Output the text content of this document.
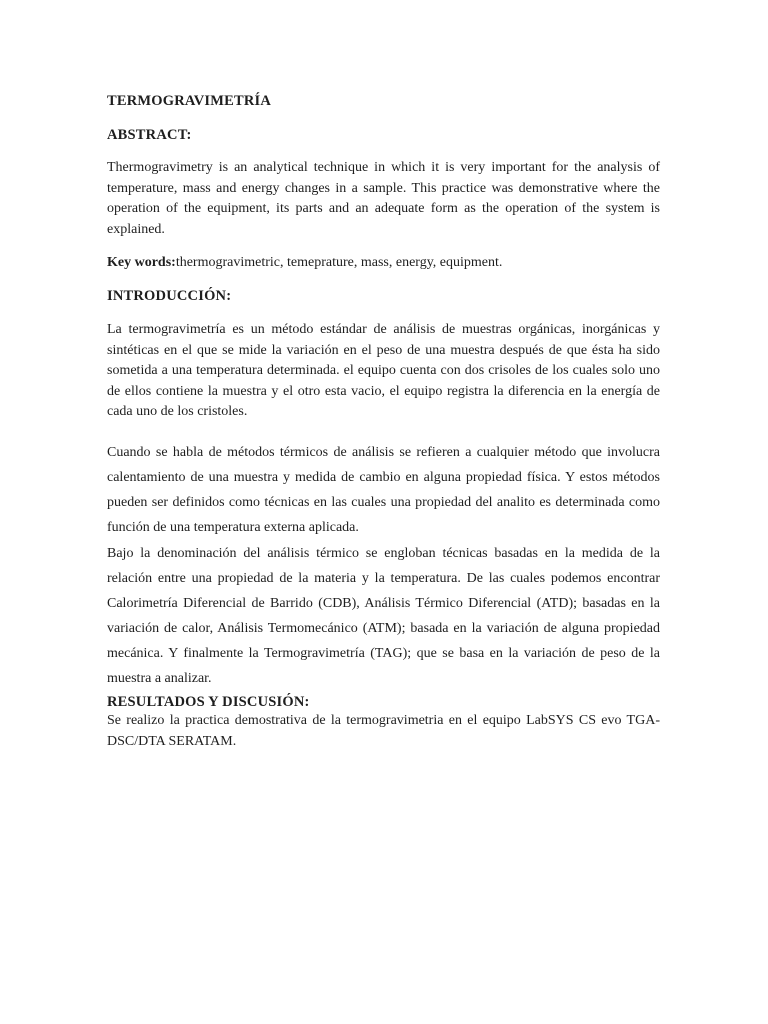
TERMOGRAVIMETRÍA

ABSTRACT:

Thermogravimetry is an analytical technique in which it is very important for the analysis of temperature, mass and energy changes in a sample. This practice was demonstrative where the operation of the equipment, its parts and an adequate form as the operation of the system is explained.

Key words:thermogravimetric, temeprature, mass, energy, equipment.

INTRODUCCIÓN:

La termogravimetría es un método estándar de análisis de muestras orgánicas, inorgánicas y sintéticas en el que se mide la variación en el peso de una muestra después de que ésta ha sido sometida a una temperatura determinada. el equipo cuenta con dos crisoles de los cuales solo uno de ellos contiene la muestra y el otro esta vacio, el equipo registra la diferencia en la energía de cada uno de los cristoles.

Cuando se habla de métodos térmicos de análisis se refieren a cualquier método que involucra calentamiento de una muestra y medida de cambio en alguna propiedad física. Y estos métodos pueden ser definidos como técnicas en las cuales una propiedad del analito es determinada como función de una temperatura externa aplicada.

Bajo la denominación del análisis térmico se engloban técnicas basadas en la medida de la relación entre una propiedad de la materia y la temperatura. De las cuales podemos encontrar Calorimetría Diferencial de Barrido (CDB), Análisis Térmico Diferencial (ATD); basadas en la variación de calor, Análisis Termomecánico (ATM); basada en la variación de alguna propiedad mecánica. Y finalmente la Termogravimetría (TAG); que se basa en la variación de peso de la muestra a analizar.

RESULTADOS Y DISCUSIÓN:

Se realizo la practica demostrativa de la termogravimetria en el equipo LabSYS CS evo TGA-DSC/DTA SERATAM.
